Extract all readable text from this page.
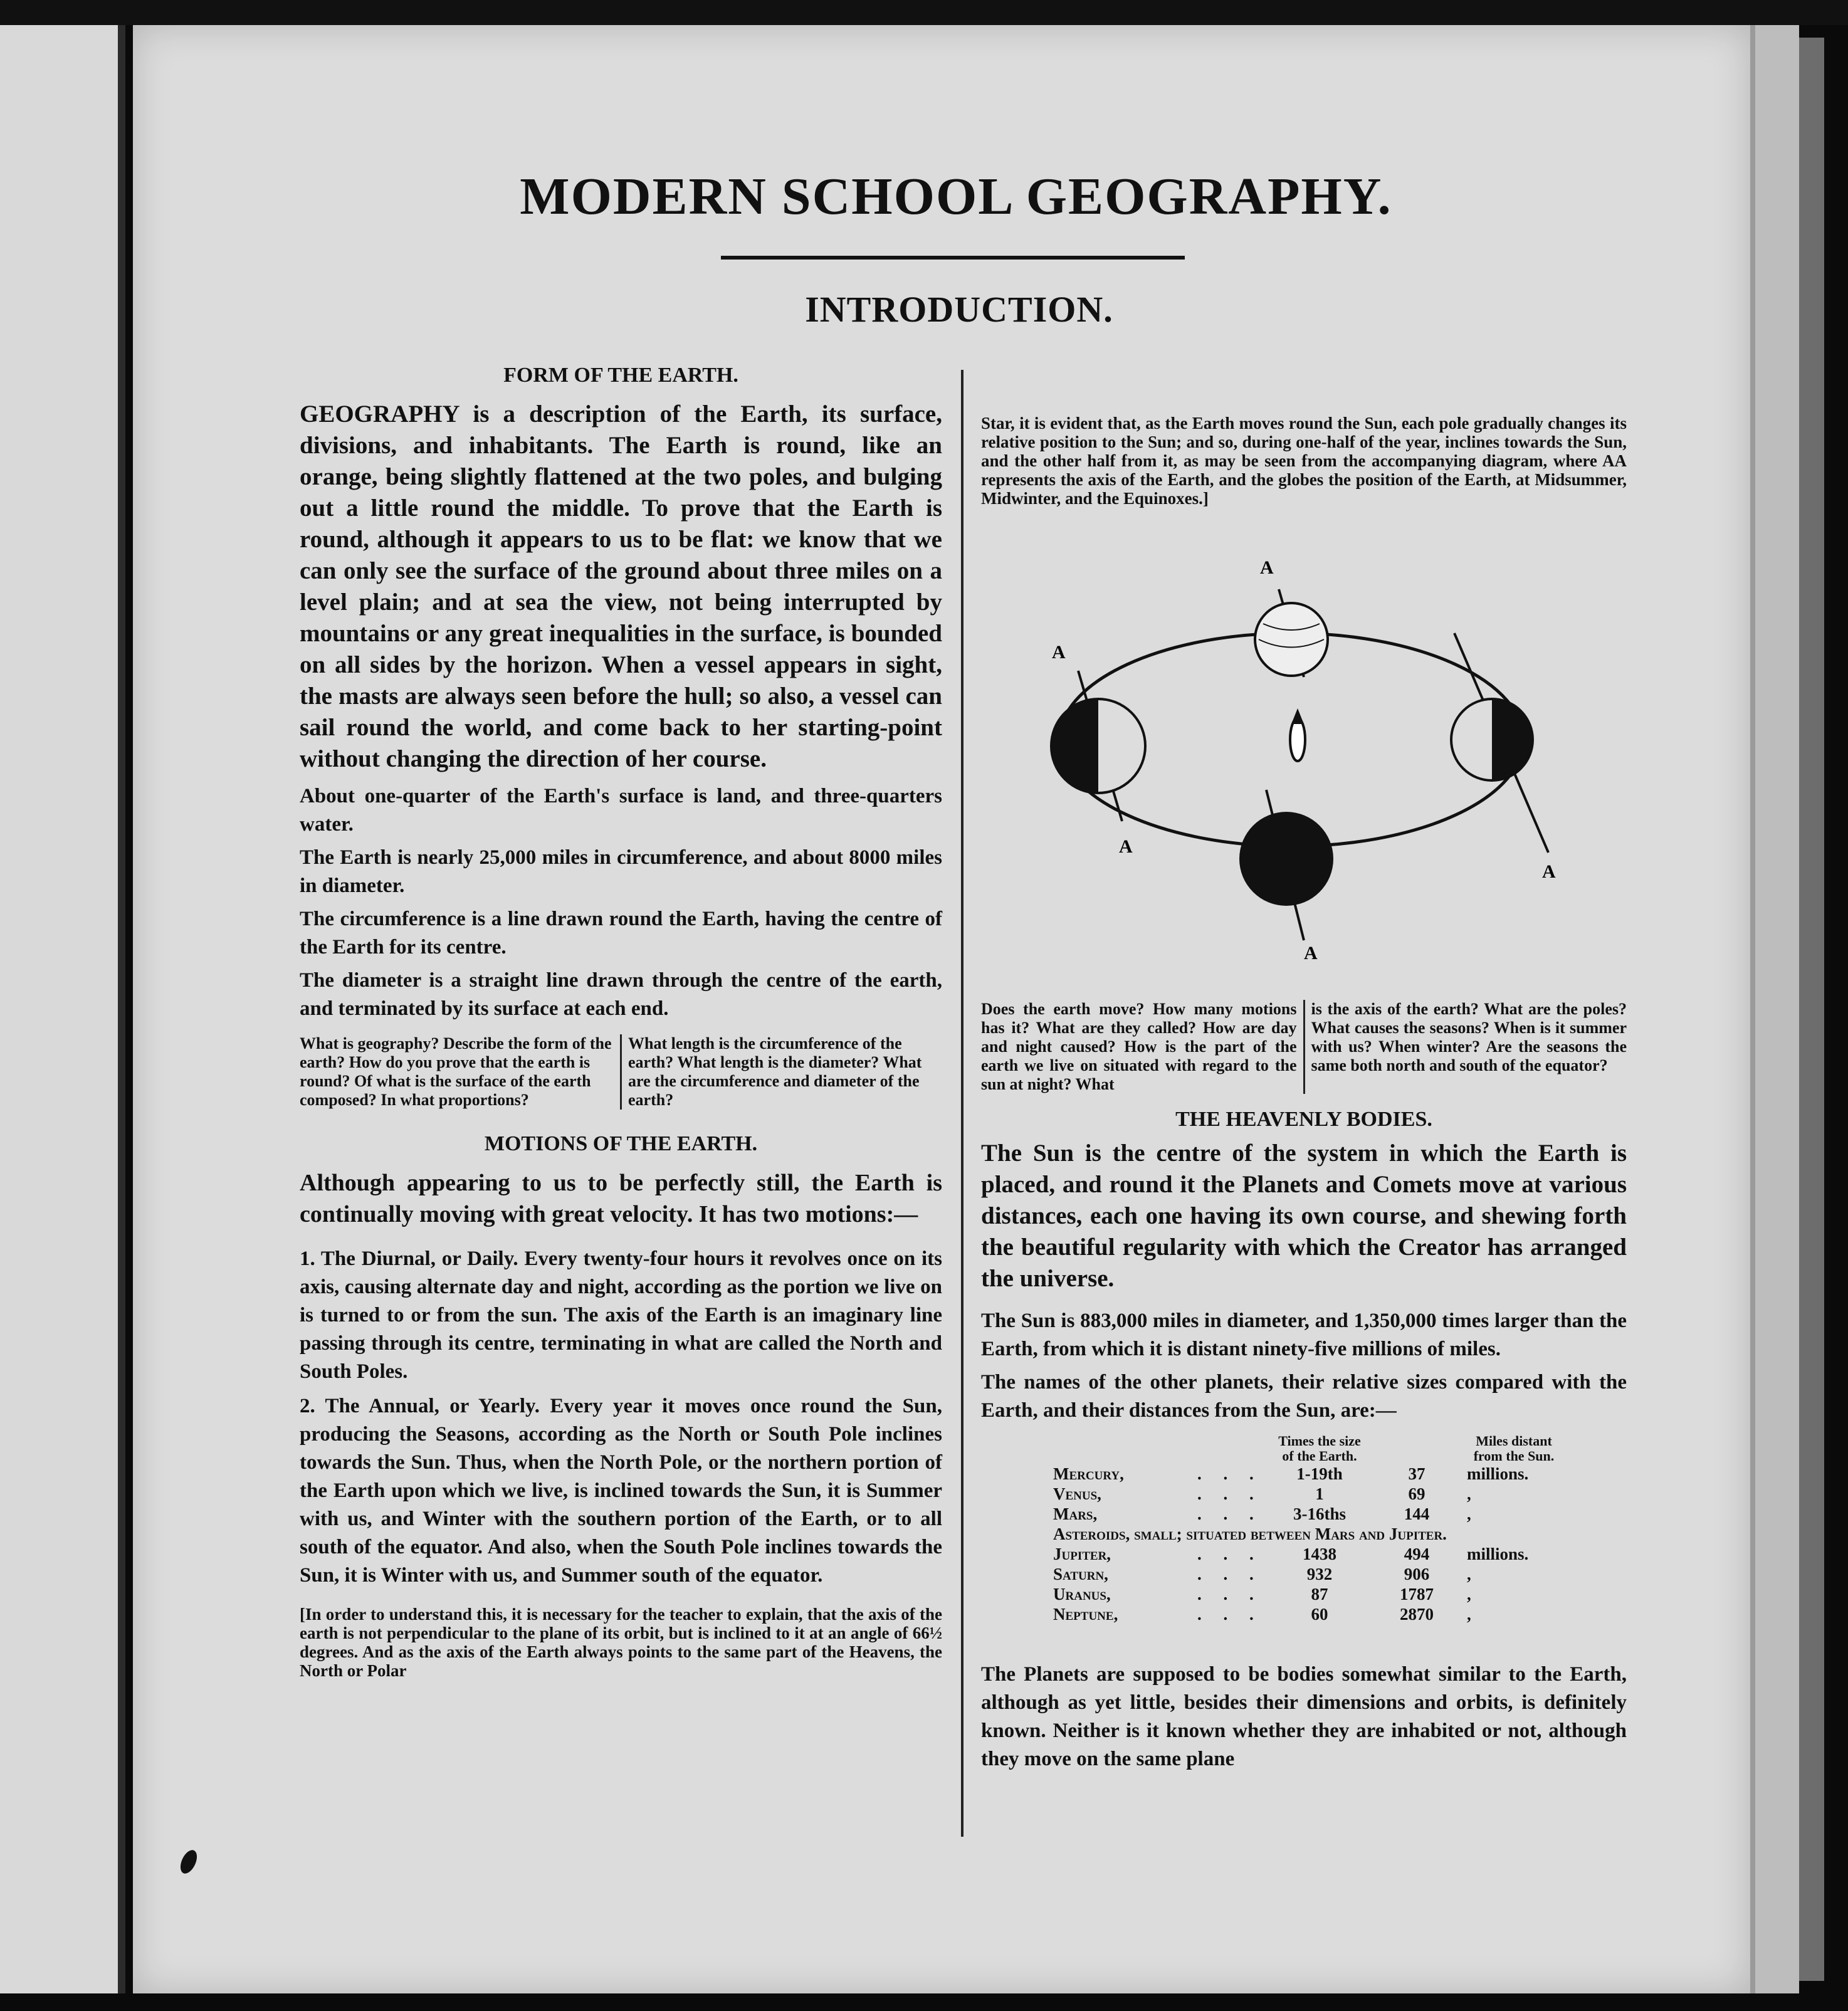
MODERN SCHOOL GEOGRAPHY.
INTRODUCTION.

FORM OF THE EARTH.

GEOGRAPHY is a description of the Earth, its surface, divisions, and inhabitants. The Earth is round, like an orange, being slightly flattened at the two poles, and bulging out a little round the middle. To prove that the Earth is round, although it appears to us to be flat: we know that we can only see the surface of the ground about three miles on a level plain; and at sea the view, not being interrupted by mountains or any great inequalities in the surface, is bounded on all sides by the horizon. When a vessel appears in sight, the masts are always seen before the hull; so also, a vessel can sail round the world, and come back to her starting-point without changing the direction of her course.

About one-quarter of the Earth's surface is land, and three-quarters water.

The Earth is nearly 25,000 miles in circumference, and about 8000 miles in diameter.

The circumference is a line drawn round the Earth, having the centre of the Earth for its centre.

The diameter is a straight line drawn through the centre of the earth, and terminated by its surface at each end.

What is geography? Describe the form of the earth? How do you prove that the earth is round? Of what is the surface of the earth composed? In what proportions?
What length is the circumference of the earth? What length is the diameter? What are the circumference and diameter of the earth?

MOTIONS OF THE EARTH.

Although appearing to us to be perfectly still, the Earth is continually moving with great velocity. It has two motions:—

1. The Diurnal, or Daily. Every twenty-four hours it revolves once on its axis, causing alternate day and night, according as the portion we live on is turned to or from the sun. The axis of the Earth is an imaginary line passing through its centre, terminating in what are called the North and South Poles.

2. The Annual, or Yearly. Every year it moves once round the Sun, producing the Seasons, according as the North or South Pole inclines towards the Sun. Thus, when the North Pole, or the northern portion of the Earth upon which we live, is inclined towards the Sun, it is Summer with us, and Winter with the southern portion of the Earth, or to all south of the equator. And also, when the South Pole inclines towards the Sun, it is Winter with us, and Summer south of the equator.

[In order to understand this, it is necessary for the teacher to explain, that the axis of the earth is not perpendicular to the plane of its orbit, but is inclined to it at an angle of 66½ degrees. And as the axis of the Earth always points to the same part of the Heavens, the North or Polar

Star, it is evident that, as the Earth moves round the Sun, each pole gradually changes its relative position to the Sun; and so, during one-half of the year, inclines towards the Sun, and the other half from it, as may be seen from the accompanying diagram, where AA represents the axis of the Earth, and the globes the position of the Earth, at Midsummer, Midwinter, and the Equinoxes.]

A
A
A
A
A
Does the earth move? How many motions has it? What are they called? How are day and night caused? How is the part of the earth we live on situated with regard to the sun at night? What
is the axis of the earth? What are the poles? What causes the seasons? When is it summer with us? When winter? Are the seasons the same both north and south of the equator?

THE HEAVENLY BODIES.

The Sun is the centre of the system in which the Earth is placed, and round it the Planets and Comets move at various distances, each one having its own course, and shewing forth the beautiful regularity with which the Creator has arranged the universe.

The Sun is 883,000 miles in diameter, and 1,350,000 times larger than the Earth, from which it is distant ninety-five millions of miles.

The names of the other planets, their relative sizes compared with the Earth, and their distances from the Sun, are:—

Times the size of the Earth.
Miles distant from the Sun.
Mercury,	. . .	1-19th	37	millions.
Venus,	. . .	1	69	,
Mars,	. . .	3-16ths	144	,
Asteroids, small; situated between Mars and Jupiter.
Jupiter,	. . .	1438	494	millions.
Saturn,	. . .	932	906	,
Uranus,	. . .	87	1787	,
Neptune,	. . .	60	2870	,

The Planets are supposed to be bodies somewhat similar to the Earth, although as yet little, besides their dimensions and orbits, is definitely known. Neither is it known whether they are inhabited or not, although they move on the same plane
